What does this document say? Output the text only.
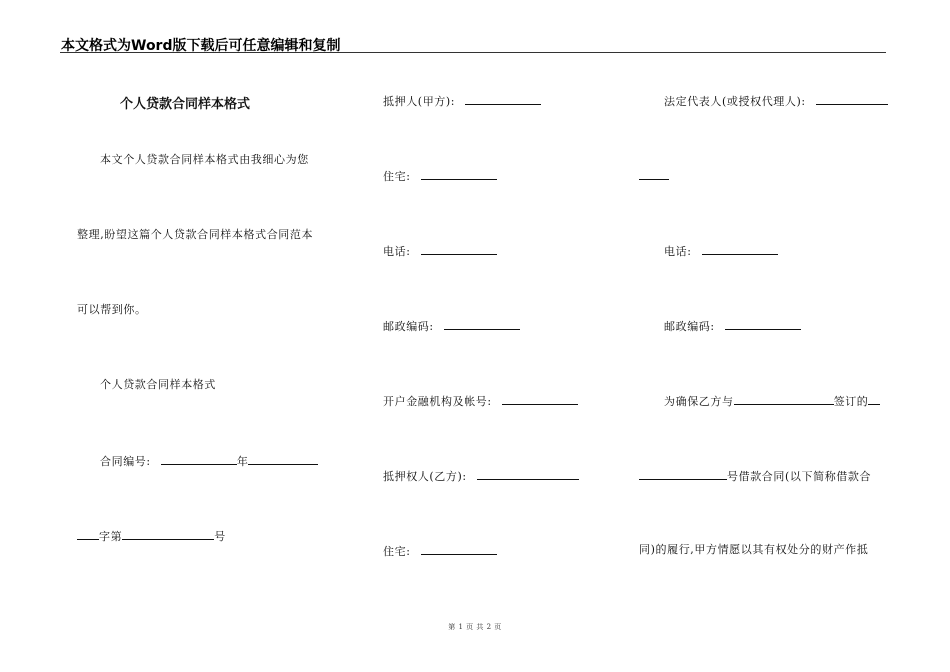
本文格式为Word版下载后可任意编辑和复制
个人贷款合同样本格式
本文个人贷款合同样本格式由我细心为您
整理,盼望这篇个人贷款合同样本格式合同范本
可以帮到你。
个人贷款合同样本格式
合同编号:	年
字第	号
抵押人(甲方):
住宅:
电话:
邮政编码:
开户金融机构及帐号:
抵押权人(乙方):
住宅:
法定代表人(或授权代理人):
电话:
邮政编码:
为确保乙方与	签订的
号借款合同(以下简称借款合
同)的履行,甲方情愿以其有权处分的财产作抵
第 1 页 共 2 页
